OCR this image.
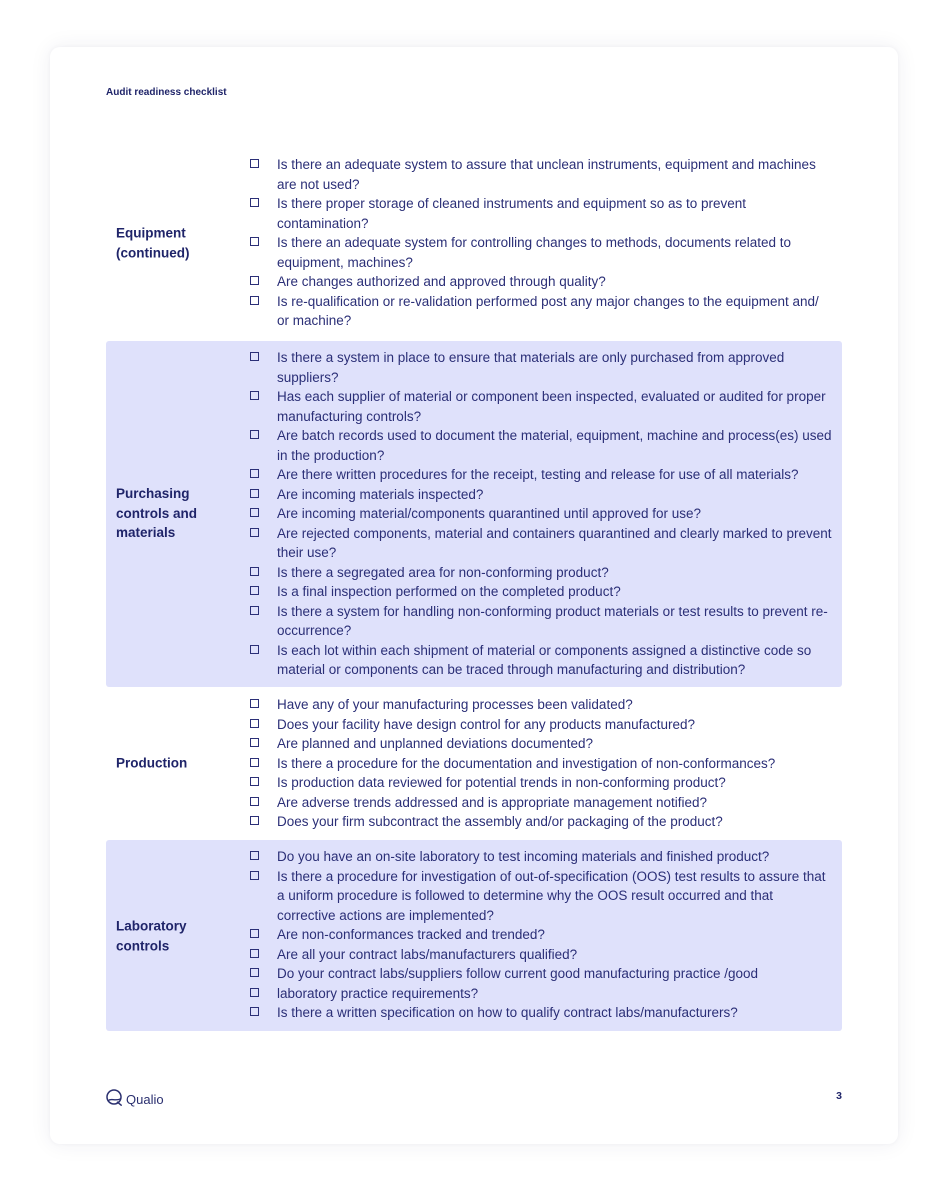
Audit readiness checklist
Equipment (continued)
Is there an adequate system to assure that unclean instruments, equipment and machines are not used?
Is there proper storage of cleaned instruments and equipment so as to prevent contamination?
Is there an adequate system for controlling changes to methods, documents related to equipment, machines?
Are changes authorized and approved through quality?
Is re-qualification or re-validation performed post any major changes to the equipment and/ or machine?
Purchasing controls and materials
Is there a system in place to ensure that materials are only purchased from approved suppliers?
Has each supplier of material or component been inspected, evaluated or audited for proper manufacturing controls?
Are batch records used to document the material, equipment, machine and process(es) used in the production?
Are there written procedures for the receipt, testing and release for use of all materials?
Are incoming materials inspected?
Are incoming material/components quarantined until approved for use?
Are rejected components, material and containers quarantined and clearly marked to prevent their use?
Is there a segregated area for non-conforming product?
Is a final inspection performed on the completed product?
Is there a system for handling non-conforming product materials or test results to prevent re-occurrence?
Is each lot within each shipment of material or components assigned a distinctive code so material or components can be traced through manufacturing and distribution?
Production
Have any of your manufacturing processes been validated?
Does your facility have design control for any products manufactured?
Are planned and unplanned deviations documented?
Is there a procedure for the documentation and investigation of non-conformances?
Is production data reviewed for potential trends in non-conforming product?
Are adverse trends addressed and is appropriate management notified?
Does your firm subcontract the assembly and/or packaging of the product?
Laboratory controls
Do you have an on-site laboratory to test incoming materials and finished product?
Is there a procedure for investigation of out-of-specification (OOS) test results to assure that a uniform procedure is followed to determine why the OOS result occurred and that corrective actions are implemented?
Are non-conformances tracked and trended?
Are all your contract labs/manufacturers qualified?
Do your contract labs/suppliers follow current good manufacturing practice /good
laboratory practice requirements?
Is there a written specification on how to qualify contract labs/manufacturers?
Qualio	3
